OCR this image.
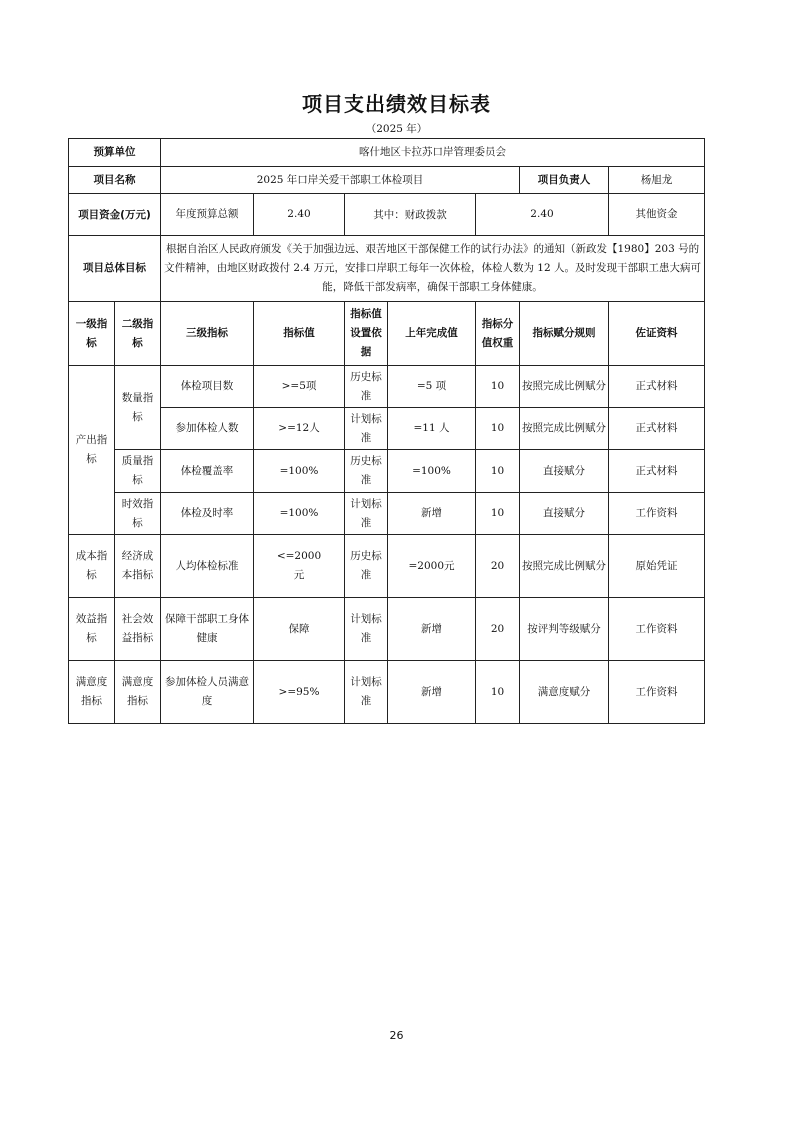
项目支出绩效目标表
（2025 年）
预算单位		喀什地区卡拉苏口岸管理委员会							
项目名称		2025 年口岸关爱干部职工体检项目					项目负责人	杨旭龙	
项目资金(万元)		年度预算总额	2.40	其中：财政拨款		2.40		其他资金	
项目总体目标		根据自治区人民政府颁发《关于加强边远、艰苦地区干部保健工作的试行办法》的通知（新政发【1980】203 号的文件精神，由地区财政拨付 2.4 万元，安排口岸职工每年一次体检，体检人数为 12 人。及时发现干部职工患大病可能，降低干部发病率，确保干部职工身体健康。							
一级指标	二级指标	三级指标	指标值	指标值设置依据	上年完成值	指标分值权重	指标赋分规则	佐证资料	
产出指标	数量指标	体检项目数	>=5项	历史标准	=5 项	10	按照完成比例赋分	正式材料	
		参加体检人数	>=12人	计划标准	=11 人	10	按照完成比例赋分	正式材料	
	质量指标	体检覆盖率	=100%	历史标准	=100%	10	直接赋分	正式材料	
	时效指标	体检及时率	=100%	计划标准	新增	10	直接赋分	工作资料	
成本指标	经济成本指标	人均体检标准	<=2000元	历史标准	=2000元	20	按照完成比例赋分	原始凭证	
效益指标	社会效益指标	保障干部职工身体健康	保障	计划标准	新增	20	按评判等级赋分	工作资料	
满意度指标	满意度指标	参加体检人员满意度	>=95%	计划标准	新增	10	满意度赋分	工作资料	
26
